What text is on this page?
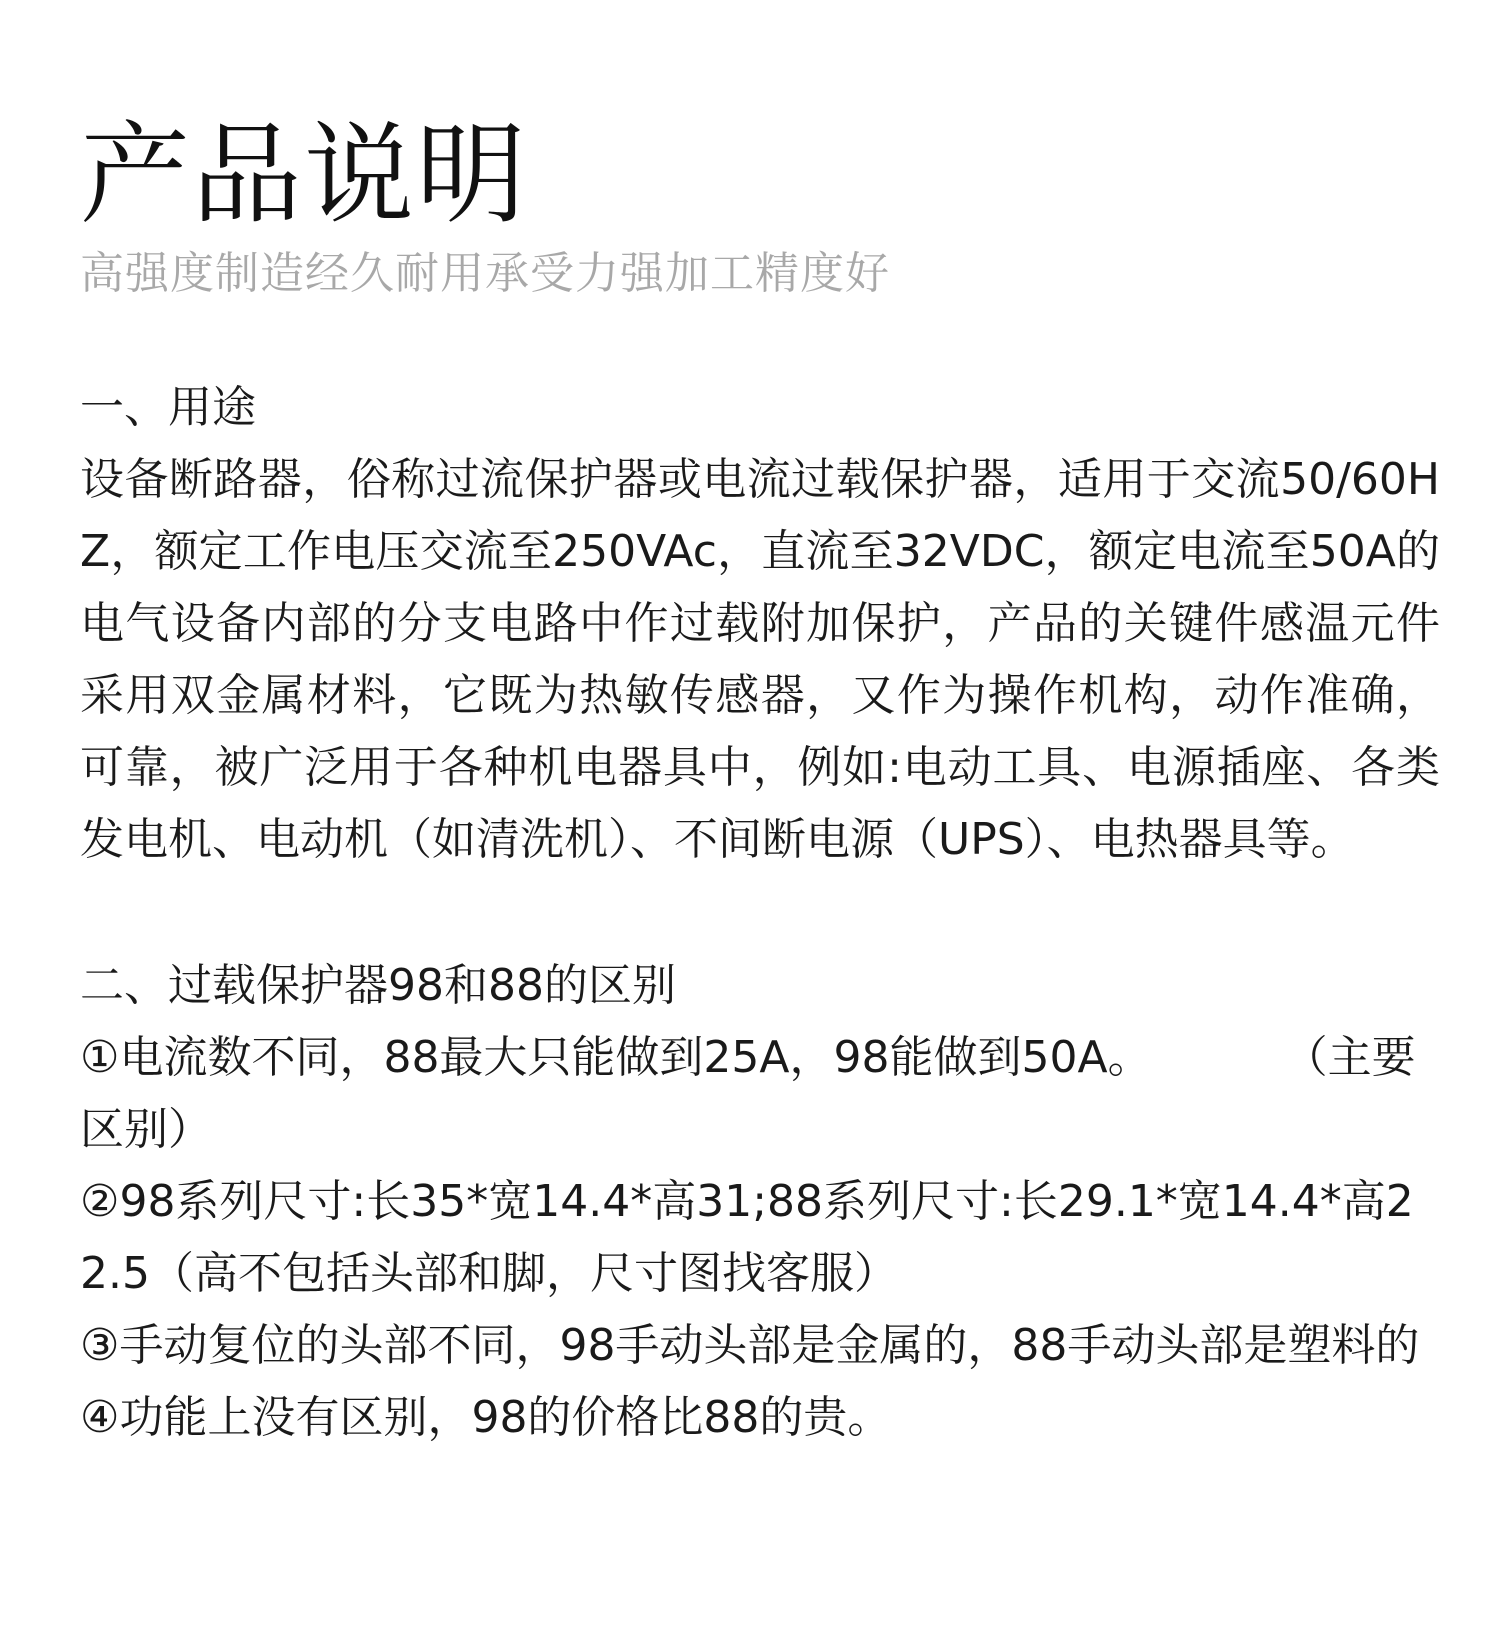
产品说明
高强度制造经久耐用承受力强加工精度好
一、用途

设备断路器，俗称过流保护器或电流过载保护器，适用于交流50/60HZ，额定工作电压交流至250VAc，直流至32VDC，额定电流至50A的电气设备内部的分支电路中作过载附加保护，产品的关键件感温元件采用双金属材料，它既为热敏传感器，又作为操作机构，动作准确，可靠，被广泛用于各种机电器具中，例如:电动工具、电源插座、各类发电机、电动机（如清洗机）、不间断电源（UPS）、电热器具等。

二、过载保护器98和88的区别

①电流数不同，88最大只能做到25A，98能做到50A。　　　　（主要区别）

②98系列尺寸:长35*宽14.4*高31;88系列尺寸:长29.1*宽14.4*高22.5（高不包括头部和脚，尺寸图找客服）

③手动复位的头部不同，98手动头部是金属的，88手动头部是塑料的

④功能上没有区别，98的价格比88的贵。
